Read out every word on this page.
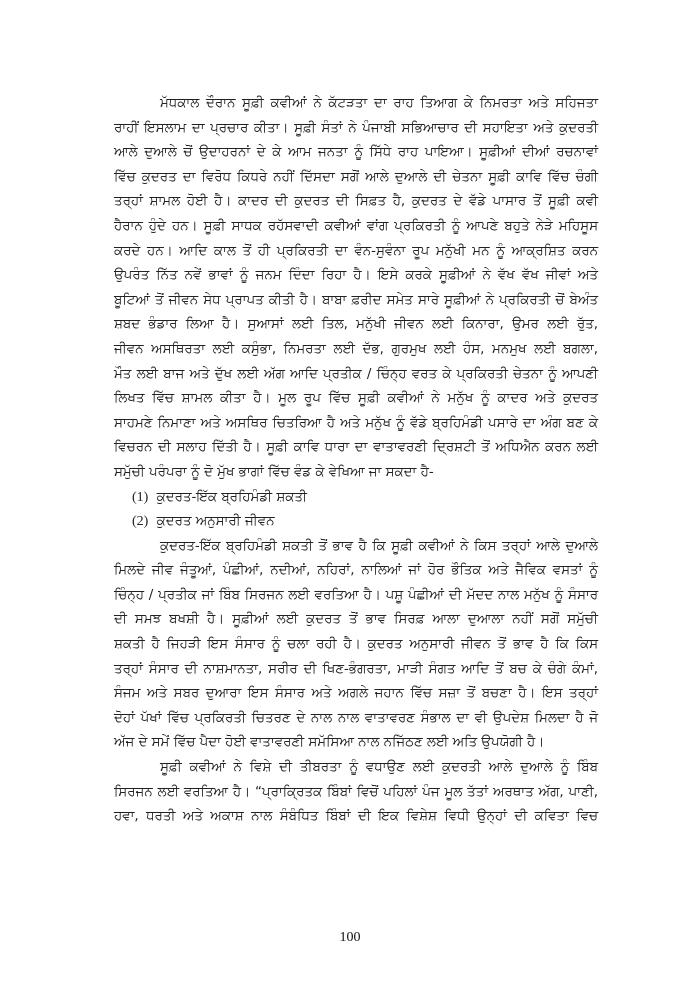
ਮੱਧਕਾਲ ਦੌਰਾਨ ਸੂਫ਼ੀ ਕਵੀਆਂ ਨੇ ਕੱਟੜਤਾ ਦਾ ਰਾਹ ਤਿਆਗ ਕੇ ਨਿਮਰਤਾ ਅਤੇ ਸਹਿਜਤਾ
ਰਾਹੀਂ ਇਸਲਾਮ ਦਾ ਪ੍ਰਚਾਰ ਕੀਤਾ। ਸੂਫ਼ੀ ਸੰਤਾਂ ਨੇ ਪੰਜਾਬੀ ਸਭਿਆਚਾਰ ਦੀ ਸਹਾਇਤਾ ਅਤੇ ਕੁਦਰਤੀ
ਆਲੇ ਦੁਆਲੇ ਚੋਂ ਉਦਾਹਰਨਾਂ ਦੇ ਕੇ ਆਮ ਜਨਤਾ ਨੂੰ ਸਿੱਧੇ ਰਾਹ ਪਾਇਆ। ਸੂਫ਼ੀਆਂ ਦੀਆਂ ਰਚਨਾਵਾਂ
ਵਿੱਚ ਕੁਦਰਤ ਦਾ ਵਿਰੋਧ ਕਿਧਰੇ ਨਹੀਂ ਦਿੱਸਦਾ ਸਗੋਂ ਆਲੇ ਦੁਆਲੇ ਦੀ ਚੇਤਨਾ ਸੂਫ਼ੀ ਕਾਵਿ ਵਿੱਚ ਚੰਗੀ
ਤਰ੍ਹਾਂ ਸ਼ਾਮਲ ਹੋਈ ਹੈ। ਕਾਦਰ ਦੀ ਕੁਦਰਤ ਦੀ ਸਿਫ਼ਤ ਹੈ, ਕੁਦਰਤ ਦੇ ਵੱਡੇ ਪਾਸਾਰ ਤੋਂ ਸੂਫ਼ੀ ਕਵੀ
ਹੈਰਾਨ ਹੁੰਦੇ ਹਨ। ਸੂਫ਼ੀ ਸਾਧਕ ਰਹੱਸਵਾਦੀ ਕਵੀਆਂ ਵਾਂਗ ਪ੍ਰਕਿਰਤੀ ਨੂੰ ਆਪਣੇ ਬਹੁਤੇ ਨੇੜੇ ਮਹਿਸੂਸ
ਕਰਦੇ ਹਨ। ਆਦਿ ਕਾਲ ਤੋਂ ਹੀ ਪ੍ਰਕਿਰਤੀ ਦਾ ਵੰਨ-ਸੁਵੰਨਾ ਰੂਪ ਮਨੁੱਖੀ ਮਨ ਨੂੰ ਆਕ੍ਰਸ਼ਿਤ ਕਰਨ
ਉਪਰੰਤ ਨਿੱਤ ਨਵੇਂ ਭਾਵਾਂ ਨੂੰ ਜਨਮ ਦਿੰਦਾ ਰਿਹਾ ਹੈ। ਇਸੇ ਕਰਕੇ ਸੂਫ਼ੀਆਂ ਨੇ ਵੱਖ ਵੱਖ ਜੀਵਾਂ ਅਤੇ
ਬੂਟਿਆਂ ਤੋਂ ਜੀਵਨ ਸੇਧ ਪ੍ਰਾਪਤ ਕੀਤੀ ਹੈ। ਬਾਬਾ ਫ਼ਰੀਦ ਸਮੇਤ ਸਾਰੇ ਸੂਫ਼ੀਆਂ ਨੇ ਪ੍ਰਕਿਰਤੀ ਚੋਂ ਬੇਅੰਤ
ਸ਼ਬਦ ਭੰਡਾਰ ਲਿਆ ਹੈ। ਸੁਆਸਾਂ ਲਈ ਤਿਲ, ਮਨੁੱਖੀ ਜੀਵਨ ਲਈ ਕਿਨਾਰਾ, ਉਮਰ ਲਈ ਰੁੱਤ,
ਜੀਵਨ ਅਸਥਿਰਤਾ ਲਈ ਕਸੁੰਭਾ, ਨਿਮਰਤਾ ਲਈ ਦੱਭ, ਗੁਰਮੁਖ ਲਈ ਹੰਸ, ਮਨਮੁਖ ਲਈ ਬਗਲਾ,
ਮੌਤ ਲਈ ਬਾਜ ਅਤੇ ਦੁੱਖ ਲਈ ਅੱਗ ਆਦਿ ਪ੍ਰਤੀਕ / ਚਿੰਨ੍ਹ ਵਰਤ ਕੇ ਪ੍ਰਕਿਰਤੀ ਚੇਤਨਾ ਨੂੰ ਆਪਣੀ
ਲਿਖਤ ਵਿੱਚ ਸ਼ਾਮਲ ਕੀਤਾ ਹੈ। ਮੂਲ ਰੂਪ ਵਿੱਚ ਸੂਫ਼ੀ ਕਵੀਆਂ ਨੇ ਮਨੁੱਖ ਨੂੰ ਕਾਦਰ ਅਤੇ ਕੁਦਰਤ
ਸਾਹਮਣੇ ਨਿਮਾਣਾ ਅਤੇ ਅਸਥਿਰ ਚਿਤਰਿਆ ਹੈ ਅਤੇ ਮਨੁੱਖ ਨੂੰ ਵੱਡੇ ਬ੍ਰਹਿਮੰਡੀ ਪਸਾਰੇ ਦਾ ਅੰਗ ਬਣ ਕੇ
ਵਿਚਰਨ ਦੀ ਸਲਾਹ ਦਿੱਤੀ ਹੈ। ਸੂਫ਼ੀ ਕਾਵਿ ਧਾਰਾ ਦਾ ਵਾਤਾਵਰਣੀ ਦ੍ਰਿਸ਼ਟੀ ਤੋਂ ਅਧਿਐਨ ਕਰਨ ਲਈ
ਸਮੁੱਚੀ ਪਰੰਪਰਾ ਨੂੰ ਦੋ ਮੁੱਖ ਭਾਗਾਂ ਵਿੱਚ ਵੰਡ ਕੇ ਵੇਖਿਆ ਜਾ ਸਕਦਾ ਹੈ-
(1) ਕੁਦਰਤ-ਇੱਕ ਬ੍ਰਹਿਮੰਡੀ ਸ਼ਕਤੀ
(2) ਕੁਦਰਤ ਅਨੁਸਾਰੀ ਜੀਵਨ
ਕੁਦਰਤ-ਇੱਕ ਬ੍ਰਹਿਮੰਡੀ ਸ਼ਕਤੀ ਤੋਂ ਭਾਵ ਹੈ ਕਿ ਸੂਫ਼ੀ ਕਵੀਆਂ ਨੇ ਕਿਸ ਤਰ੍ਹਾਂ ਆਲੇ ਦੁਆਲੇ
ਮਿਲਦੇ ਜੀਵ ਜੰਤੂਆਂ, ਪੰਛੀਆਂ, ਨਦੀਆਂ, ਨਹਿਰਾਂ, ਨਾਲਿਆਂ ਜਾਂ ਹੋਰ ਭੌਤਿਕ ਅਤੇ ਜੈਵਿਕ ਵਸਤਾਂ ਨੂੰ
ਚਿੰਨ੍ਹ / ਪ੍ਰਤੀਕ ਜਾਂ ਬਿੰਬ ਸਿਰਜਨ ਲਈ ਵਰਤਿਆ ਹੈ। ਪਸ਼ੂ ਪੰਛੀਆਂ ਦੀ ਮੱਦਦ ਨਾਲ ਮਨੁੱਖ ਨੂੰ ਸੰਸਾਰ
ਦੀ ਸਮਝ ਬਖਸ਼ੀ ਹੈ। ਸੂਫ਼ੀਆਂ ਲਈ ਕੁਦਰਤ ਤੋਂ ਭਾਵ ਸਿਰਫ਼ ਆਲਾ ਦੁਆਲਾ ਨਹੀਂ ਸਗੋਂ ਸਮੁੱਚੀ
ਸ਼ਕਤੀ ਹੈ ਜਿਹੜੀ ਇਸ ਸੰਸਾਰ ਨੂੰ ਚਲਾ ਰਹੀ ਹੈ। ਕੁਦਰਤ ਅਨੁਸਾਰੀ ਜੀਵਨ ਤੋਂ ਭਾਵ ਹੈ ਕਿ ਕਿਸ
ਤਰ੍ਹਾਂ ਸੰਸਾਰ ਦੀ ਨਾਸ਼ਮਾਨਤਾ, ਸਰੀਰ ਦੀ ਖਿਣ-ਭੰਗਰਤਾ, ਮਾੜੀ ਸੰਗਤ ਆਦਿ ਤੋਂ ਬਚ ਕੇ ਚੰਗੇ ਕੰਮਾਂ,
ਸੰਜਮ ਅਤੇ ਸਬਰ ਦੁਆਰਾ ਇਸ ਸੰਸਾਰ ਅਤੇ ਅਗਲੇ ਜਹਾਨ ਵਿੱਚ ਸਜ਼ਾ ਤੋਂ ਬਚਣਾ ਹੈ। ਇਸ ਤਰ੍ਹਾਂ
ਦੋਹਾਂ ਪੱਖਾਂ ਵਿੱਚ ਪ੍ਰਕਿਰਤੀ ਚਿਤਰਣ ਦੇ ਨਾਲ ਨਾਲ ਵਾਤਾਵਰਣ ਸੰਭਾਲ ਦਾ ਵੀ ਉਪਦੇਸ਼ ਮਿਲਦਾ ਹੈ ਜੋ
ਅੱਜ ਦੇ ਸਮੇਂ ਵਿੱਚ ਪੈਦਾ ਹੋਈ ਵਾਤਾਵਰਣੀ ਸਮੱਸਿਆ ਨਾਲ ਨਜਿੱਠਣ ਲਈ ਅਤਿ ਉਪਯੋਗੀ ਹੈ।
ਸੂਫ਼ੀ ਕਵੀਆਂ ਨੇ ਵਿਸ਼ੇ ਦੀ ਤੀਬਰਤਾ ਨੂੰ ਵਧਾਉਣ ਲਈ ਕੁਦਰਤੀ ਆਲੇ ਦੁਆਲੇ ਨੂੰ ਬਿੰਬ
ਸਿਰਜਨ ਲਈ ਵਰਤਿਆ ਹੈ। “ਪ੍ਰਾਕ੍ਰਿਤਕ ਬਿੰਬਾਂ ਵਿਚੋਂ ਪਹਿਲਾਂ ਪੰਜ ਮੂਲ ਤੱਤਾਂ ਅਰਥਾਤ ਅੱਗ, ਪਾਣੀ,
ਹਵਾ, ਧਰਤੀ ਅਤੇ ਅਕਾਸ਼ ਨਾਲ ਸੰਬੰਧਿਤ ਬਿੰਬਾਂ ਦੀ ਇਕ ਵਿਸ਼ੇਸ਼ ਵਿਧੀ ਉਨ੍ਹਾਂ ਦੀ ਕਵਿਤਾ ਵਿਚ
100
